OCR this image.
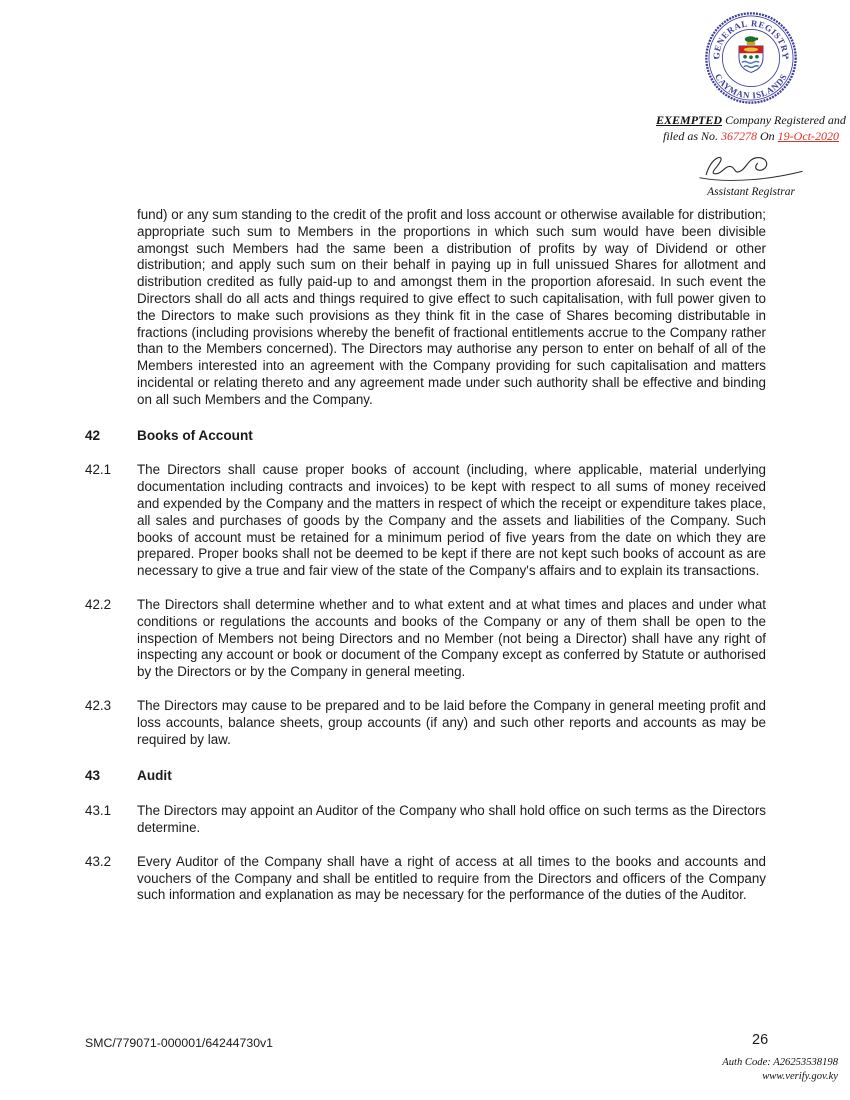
GENERAL REGISTRY
CAYMAN ISLANDS
EXEMPTED Company Registered and
filed as No. 367278 On 19-Oct-2020
Assistant Registrar

fund) or any sum standing to the credit of the profit and loss account or otherwise available for distribution; appropriate such sum to Members in the proportions in which such sum would have been divisible amongst such Members had the same been a distribution of profits by way of Dividend or other distribution; and apply such sum on their behalf in paying up in full unissued Shares for allotment and distribution credited as fully paid-up to and amongst them in the proportion aforesaid. In such event the Directors shall do all acts and things required to give effect to such capitalisation, with full power given to the Directors to make such provisions as they think fit in the case of Shares becoming distributable in fractions (including provisions whereby the benefit of fractional entitlements accrue to the Company rather than to the Members concerned). The Directors may authorise any person to enter on behalf of all of the Members interested into an agreement with the Company providing for such capitalisation and matters incidental or relating thereto and any agreement made under such authority shall be effective and binding on all such Members and the Company.

42	Books of Account
42.1	The Directors shall cause proper books of account (including, where applicable, material underlying documentation including contracts and invoices) to be kept with respect to all sums of money received and expended by the Company and the matters in respect of which the receipt or expenditure takes place, all sales and purchases of goods by the Company and the assets and liabilities of the Company. Such books of account must be retained for a minimum period of five years from the date on which they are prepared. Proper books shall not be deemed to be kept if there are not kept such books of account as are necessary to give a true and fair view of the state of the Company's affairs and to explain its transactions.

42.2	The Directors shall determine whether and to what extent and at what times and places and under what conditions or regulations the accounts and books of the Company or any of them shall be open to the inspection of Members not being Directors and no Member (not being a Director) shall have any right of inspecting any account or book or document of the Company except as conferred by Statute or authorised by the Directors or by the Company in general meeting.

42.3	The Directors may cause to be prepared and to be laid before the Company in general meeting profit and loss accounts, balance sheets, group accounts (if any) and such other reports and accounts as may be required by law.

43	Audit
43.1	The Directors may appoint an Auditor of the Company who shall hold office on such terms as the Directors determine.

43.2	Every Auditor of the Company shall have a right of access at all times to the books and accounts and vouchers of the Company and shall be entitled to require from the Directors and officers of the Company such information and explanation as may be necessary for the performance of the duties of the Auditor.

SMC/779071-000001/64244730v1	26
Auth Code: A26253538198
www.verify.gov.ky
